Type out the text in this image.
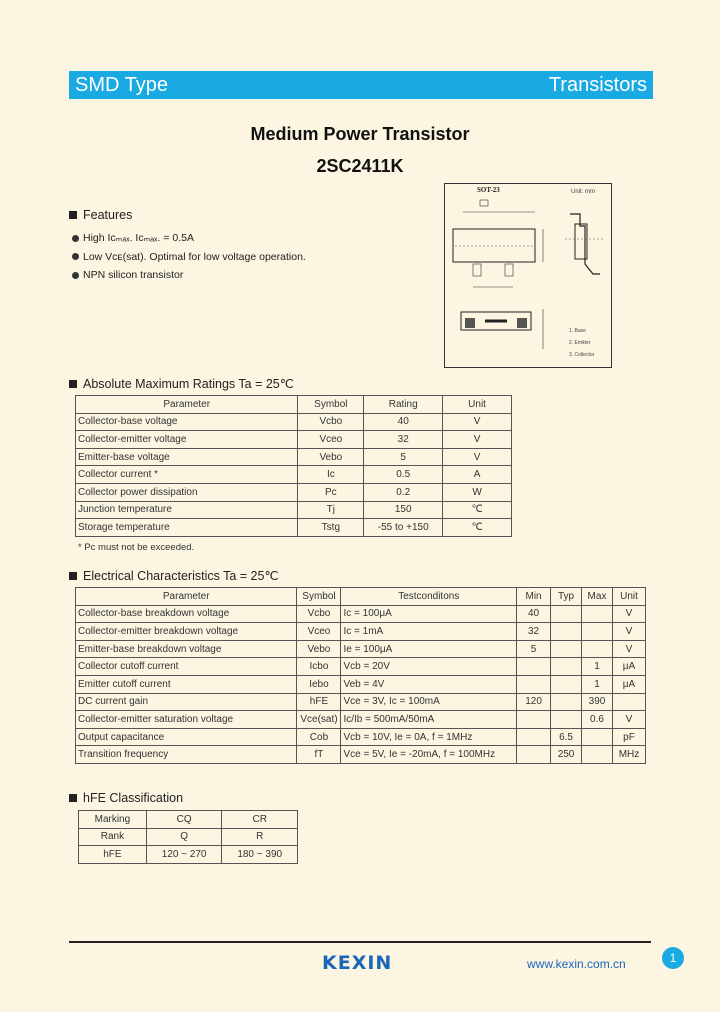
SMD Type	Transistors
Medium Power Transistor
2SC2411K
Features
High Icₘₐₓ. Icₘₐₓ. = 0.5A
Low Vᴄᴇ(sat). Optimal for low voltage operation.
NPN silicon transistor
SOT-23	Unit: mm
1. Base
2. Emitter
3. Collector
Absolute Maximum Ratings Ta = 25℃
Parameter	Symbol	Rating	Unit
Collector-base voltage	Vcbo	40	V
Collector-emitter voltage	Vceo	32	V
Emitter-base voltage	Vebo	5	V
Collector current *	Ic	0.5	A
Collector power dissipation	Pc	0.2	W
Junction temperature	Tj	150	℃
Storage temperature	Tstg	-55 to +150	℃
* Pc must not be exceeded.
Electrical Characteristics Ta = 25℃
Parameter	Symbol	Testconditons	Min	Typ	Max	Unit
Collector-base breakdown voltage	Vcbo	Ic = 100μA	40			V
Collector-emitter breakdown voltage	Vceo	Ic = 1mA	32			V
Emitter-base breakdown voltage	Vebo	Ie = 100μA	5			V
Collector cutoff current	Icbo	Vcb = 20V			1	μA
Emitter cutoff current	Iebo	Veb = 4V			1	μA
DC current gain	hFE	Vce = 3V, Ic = 100mA	120		390	
Collector-emitter saturation voltage	Vce(sat)	Ic/Ib = 500mA/50mA			0.6	V
Output capacitance	Cob	Vcb = 10V, Ie = 0A, f = 1MHz		6.5		pF
Transition frequency	fT	Vce = 5V, Ie = -20mA, f = 100MHz		250		MHz
hFE Classification
Marking	CQ	CR
Rank	Q	R
hFE	120 ~ 270	180 ~ 390
KEXIN	www.kexin.com.cn	1
